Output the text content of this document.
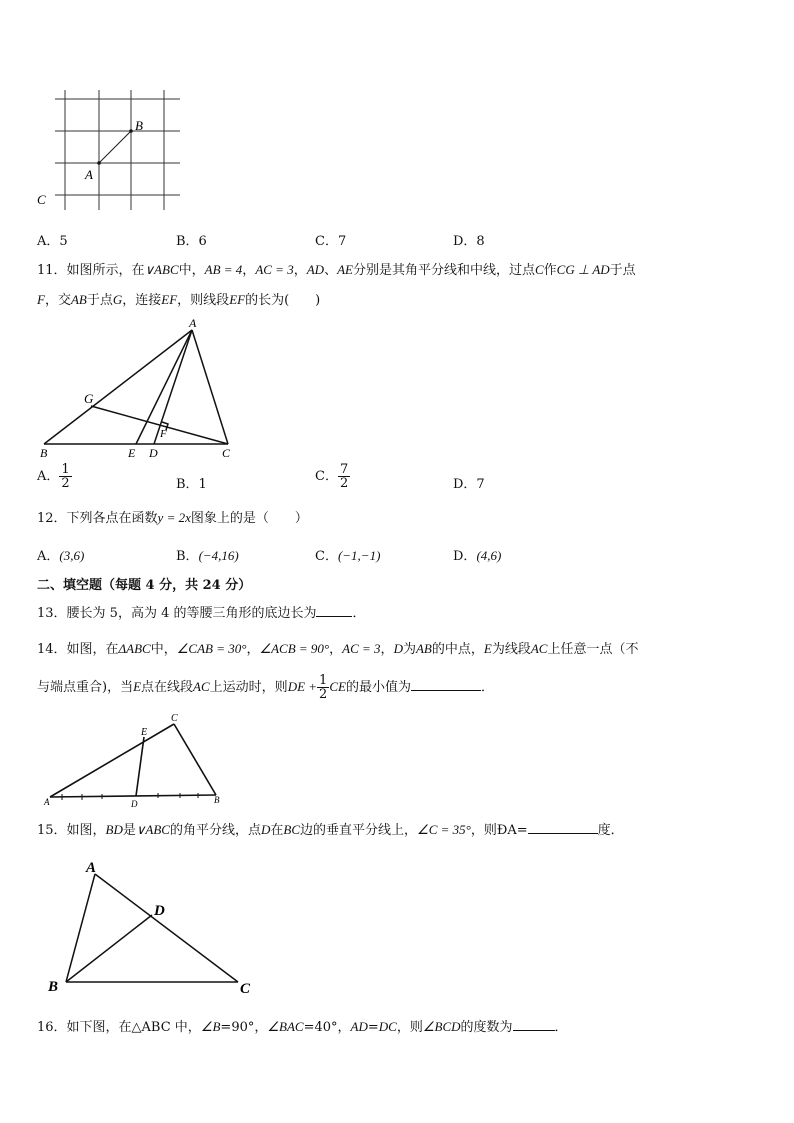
B
A
C
A．5	B．6	C．7	D．8
11．如图所示，在∨ABC中，AB = 4，AC = 3，AD、AE分别是其角平分线和中线，过点C作CG ⊥ AD于点
F，交AB于点G，连接EF，则线段EF的长为(　　)
A
G
F
B	E D	C
A． $\frac{1}{2}$	B．1
C． $\frac{7}{2}$	D．7
12．下列各点在函数y = 2x图象上的是（　　）
A．(3,6)	B．(−4,16)	C．(−1,−1)	D．(4,6)
二、填空题（每题 4 分，共 24 分）
13．腰长为 5，高为 4 的等腰三角形的底边长为	．
14．如图，在ΔABC中，∠CAB = 30°，∠ACB = 90°，AC = 3，D为AB的中点，E为线段AC上任意一点（不
与端点重合)，当E点在线段AC上运动时，则DE + $\frac{1}{2}$ CE的最小值为	．
C
E
A	D	B
15．如图，BD是∨ABC的角平分线，点D在BC边的垂直平分线上，∠C = 35°，则ĐA=	度．
A
D
B	C
16．如下图，在△ABC 中，∠B=90°，∠BAC=40°，AD=DC，则∠BCD的度数为	．
